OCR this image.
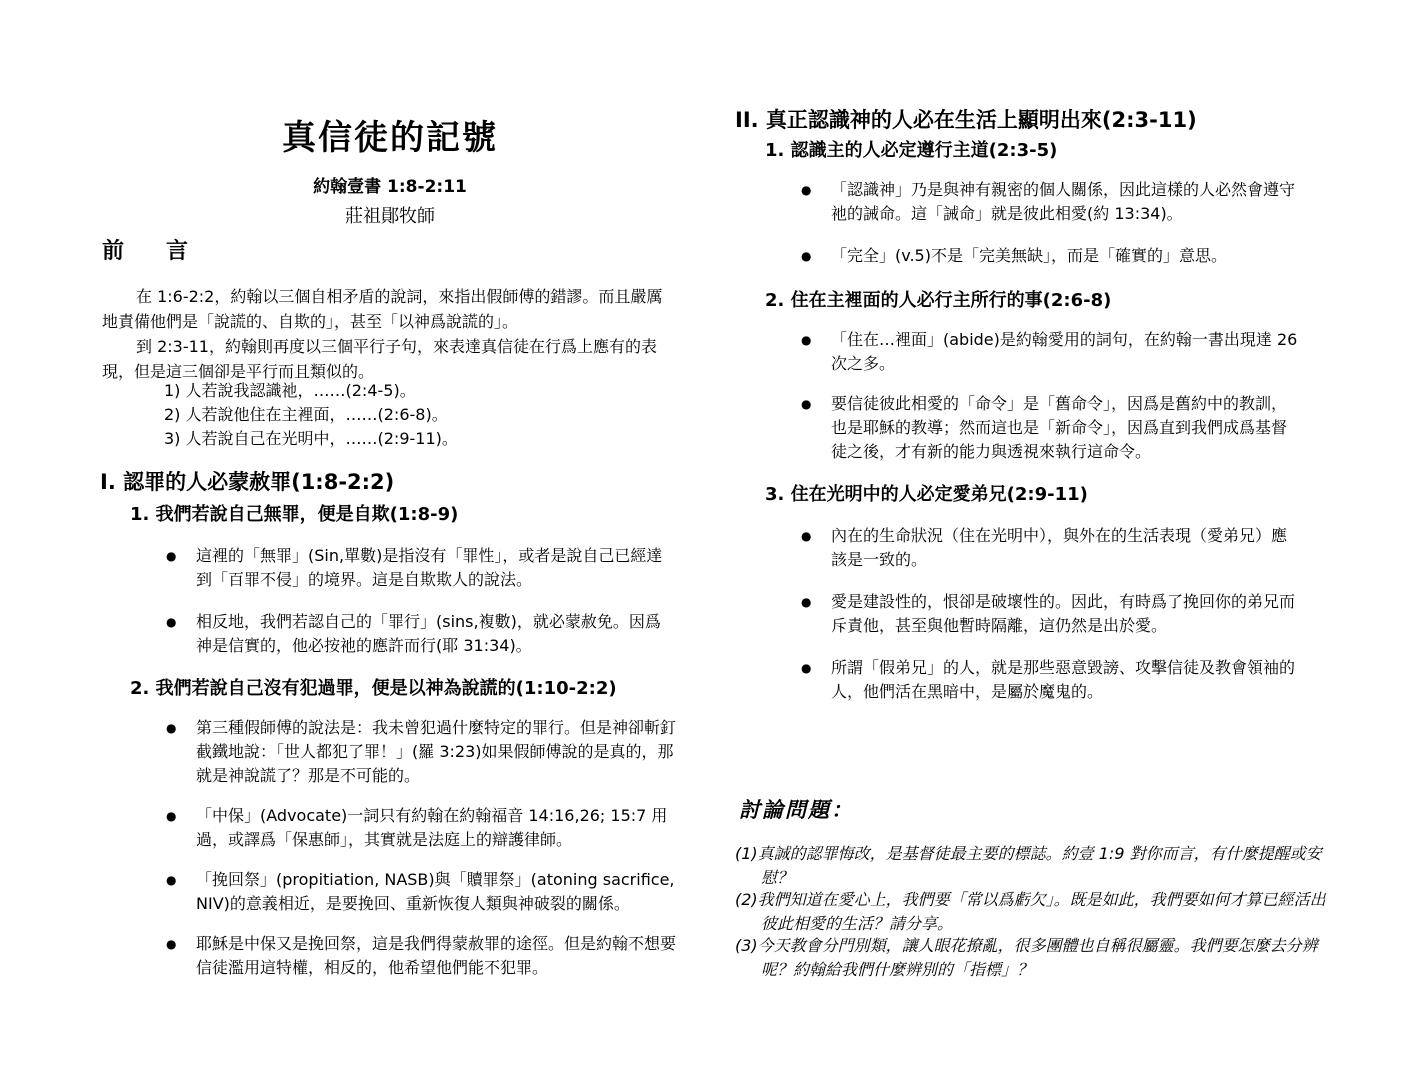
真信徒的記號
約翰壹書 1:8-2:11
莊祖鄖牧師
前　言

在 1:6-2:2，約翰以三個自相矛盾的說詞，來指出假師傅的錯謬。而且嚴厲地責備他們是「說謊的、自欺的」，甚至「以神爲說謊的」。

到 2:3-11，約翰則再度以三個平行子句，來表達真信徒在行爲上應有的表現，但是這三個卻是平行而且類似的。

1) 人若說我認識祂，……(2:4-5)。
2) 人若說他住在主裡面，……(2:6-8)。
3) 人若說自己在光明中，……(2:9-11)。
I. 認罪的人必蒙赦罪(1:8-2:2)
1. 我們若說自己無罪，便是自欺(1:8-9)
● 這裡的「無罪」(Sin,單數)是指沒有「罪性」，或者是說自己已經達到「百罪不侵」的境界。這是自欺欺人的說法。
● 相反地，我們若認自己的「罪行」(sins,複數)，就必蒙赦免。因爲神是信實的，他必按祂的應許而行(耶 31:34)。
2. 我們若說自己沒有犯過罪，便是以神為說謊的(1:10-2:2)
● 第三種假師傅的說法是：我未曾犯過什麼特定的罪行。但是神卻斬釘截鐵地說：「世人都犯了罪！」(羅 3:23)如果假師傅說的是真的，那就是神說謊了？那是不可能的。
● 「中保」(Advocate)一詞只有約翰在約翰福音 14:16,26; 15:7 用過，或譯爲「保惠師」，其實就是法庭上的辯護律師。
● 「挽回祭」(propitiation, NASB)與「贖罪祭」(atoning sacrifice, NIV)的意義相近，是要挽回、重新恢復人類與神破裂的關係。
● 耶穌是中保又是挽回祭，這是我們得蒙赦罪的途徑。但是約翰不想要信徒濫用這特權，相反的，他希望他們能不犯罪。
II. 真正認識神的人必在生活上顯明出來(2:3-11)
1. 認識主的人必定遵行主道(2:3-5)
● 「認識神」乃是與神有親密的個人關係，因此這樣的人必然會遵守祂的誡命。這「誡命」就是彼此相愛(約 13:34)。
● 「完全」(v.5)不是「完美無缺」，而是「確實的」意思。
2. 住在主裡面的人必行主所行的事(2:6-8)
● 「住在…裡面」(abide)是約翰愛用的詞句，在約翰一書出現達 26 次之多。
● 要信徒彼此相愛的「命令」是「舊命令」，因爲是舊約中的教訓，也是耶穌的教導；然而這也是「新命令」，因爲直到我們成爲基督徒之後，才有新的能力與透視來執行這命令。
3. 住在光明中的人必定愛弟兄(2:9-11)
● 內在的生命狀況（住在光明中），與外在的生活表現（愛弟兄）應該是一致的。
● 愛是建設性的，恨卻是破壞性的。因此，有時爲了挽回你的弟兄而斥責他，甚至與他暫時隔離，這仍然是出於愛。
● 所謂「假弟兄」的人，就是那些惡意毀謗、攻擊信徒及教會領袖的人，他們活在黑暗中，是屬於魔鬼的。
討論問題：

(1)真誠的認罪悔改，是基督徒最主要的標誌。約壹 1:9 對你而言，有什麼提醒或安慰？

(2)我們知道在愛心上，我們要「常以爲虧欠」。既是如此，我們要如何才算已經活出彼此相愛的生活？請分享。

(3)今天教會分門別類，讓人眼花撩亂，很多團體也自稱很屬靈。我們要怎麼去分辨呢？約翰給我們什麼辨別的「指標」？
